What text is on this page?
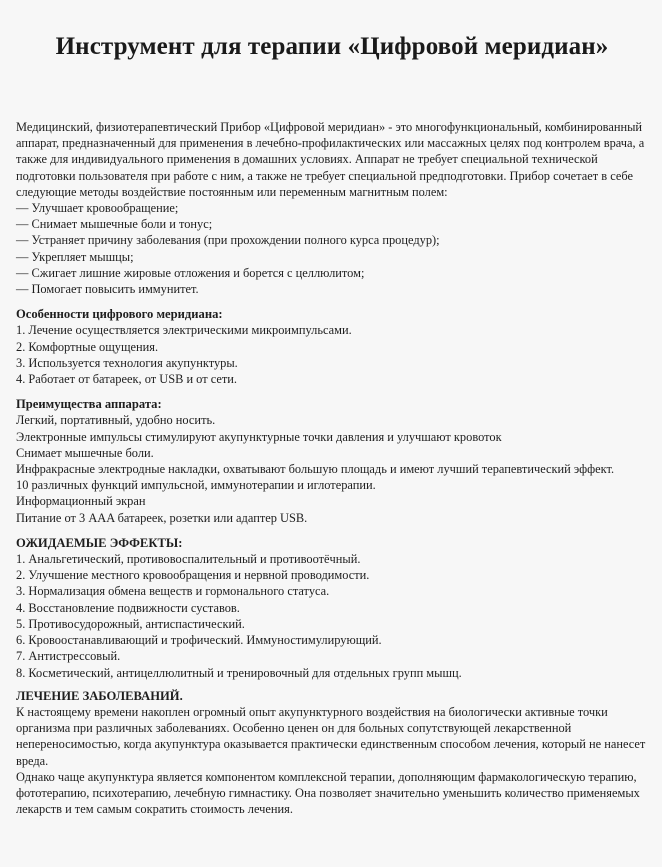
Инструмент для терапии «Цифровой меридиан»

Медицинский, физиотерапевтический Прибор «Цифровой меридиан» - это многофункциональный, комбинированный аппарат, предназначенный для применения в лечебно-профилактических или массажных целях под контролем врача, а также для индивидуального применения в домашних условиях. Аппарат не требует специальной технической подготовки пользователя при работе с ним, а также не требует специальной предподготовки. Прибор сочетает в себе следующие методы воздействие постоянным или переменным магнитным полем:

— Улучшает кровообращение;

— Снимает мышечные боли и тонус;

— Устраняет причину заболевания (при прохождении полного курса процедур);

— Укрепляет мышцы;

— Сжигает лишние жировые отложения и борется с целлюлитом;

— Помогает повысить иммунитет.

Особенности цифрового меридиана:

1. Лечение осуществляется электрическими микроимпульсами.

2. Комфортные ощущения.

3. Используется технология акупунктуры.

4. Работает от батареек, от USB и от сети.

Преимущества аппарата:

Легкий, портативный, удобно носить.

Электронные импульсы стимулируют акупунктурные точки давления и улучшают кровоток

Снимает мышечные боли.

Инфракрасные электродные накладки, охватывают большую площадь и имеют лучший терапевтический эффект.

10 различных функций импульсной, иммунотерапии и иглотерапии.

Информационный экран

Питание от 3 AAA батареек, розетки или адаптер USB.

ОЖИДАЕМЫЕ ЭФФЕКТЫ:

1. Анальгетический, противовоспалительный и противоотёчный.

2. Улучшение местного кровообращения и нервной проводимости.

3. Нормализация обмена веществ и гормонального статуса.

4. Восстановление подвижности суставов.

5. Противосудорожный, антиспастический.

6. Кровоостанавливающий и трофический. Иммуностимулирующий.

7. Антистрессовый.

8. Косметический, антицеллюлитный и тренировочный для отдельных групп мышц.

ЛЕЧЕНИЕ ЗАБОЛЕВАНИЙ.

К настоящему времени накоплен огромный опыт акупунктурного воздействия на биологически активные точки организма при различных заболеваниях. Особенно ценен он для больных сопутствующей лекарственной непереносимостью, когда акупунктура оказывается практически единственным способом лечения, который не нанесет вреда.

Однако чаще акупунктура является компонентом комплексной терапии, дополняющим фармакологическую терапию, фототерапию, психотерапию, лечебную гимнастику. Она позволяет значительно уменьшить количество применяемых лекарств и тем самым сократить стоимость лечения.
